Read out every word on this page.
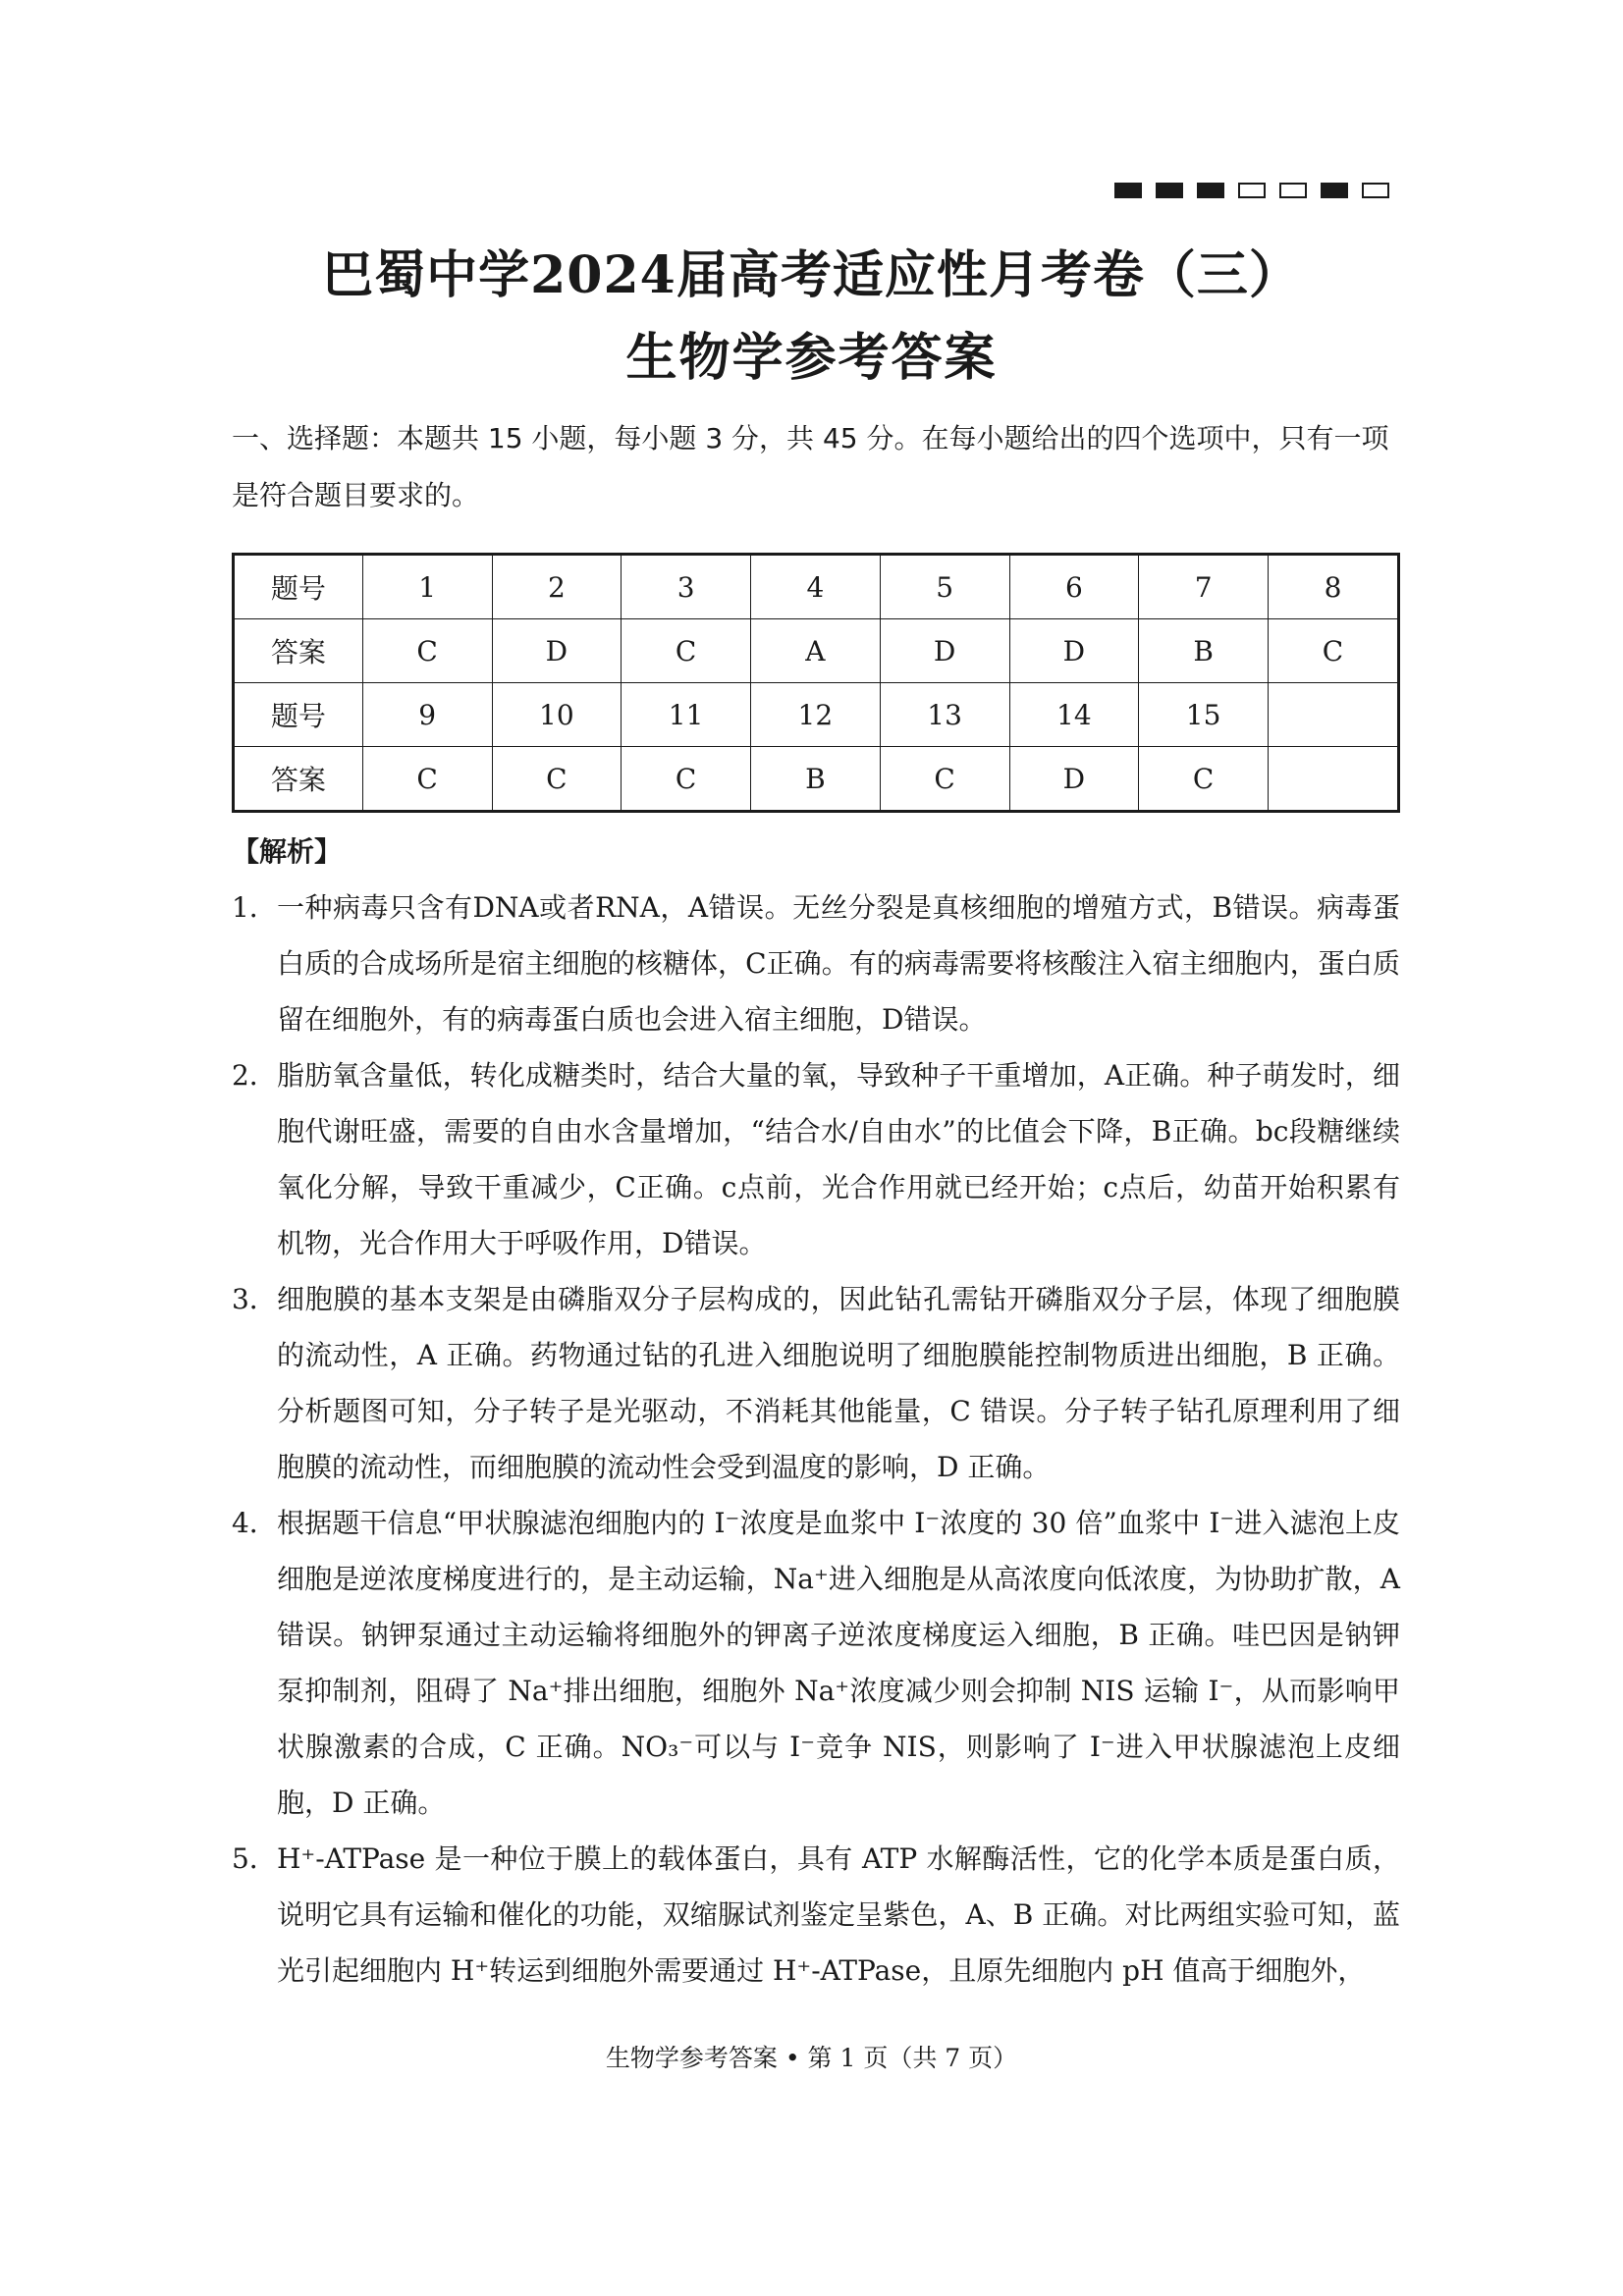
巴蜀中学2024届高考适应性月考卷（三）
生物学参考答案
一、选择题：本题共 15 小题，每小题 3 分，共 45 分。在每小题给出的四个选项中，只有一项是符合题目要求的。
题号	1	2	3	4	5	6	7	8
答案	C	D	C	A	D	D	B	C
题号	9	10	11	12	13	14	15	
答案	C	C	C	B	C	D	C	
【解析】
1． 一种病毒只含有DNA或者RNA，A错误。无丝分裂是真核细胞的增殖方式，B错误。病毒蛋白质的合成场所是宿主细胞的核糖体，C正确。有的病毒需要将核酸注入宿主细胞内，蛋白质留在细胞外，有的病毒蛋白质也会进入宿主细胞，D错误。
2． 脂肪氧含量低，转化成糖类时，结合大量的氧，导致种子干重增加，A正确。种子萌发时，细胞代谢旺盛，需要的自由水含量增加，“结合水/自由水”的比值会下降，B正确。bc段糖继续氧化分解，导致干重减少，C正确。c点前，光合作用就已经开始；c点后，幼苗开始积累有机物，光合作用大于呼吸作用，D错误。
3． 细胞膜的基本支架是由磷脂双分子层构成的，因此钻孔需钻开磷脂双分子层，体现了细胞膜的流动性，A 正确。药物通过钻的孔进入细胞说明了细胞膜能控制物质进出细胞，B 正确。分析题图可知，分子转子是光驱动，不消耗其他能量，C 错误。分子转子钻孔原理利用了细胞膜的流动性，而细胞膜的流动性会受到温度的影响，D 正确。
4． 根据题干信息“甲状腺滤泡细胞内的 I⁻浓度是血浆中 I⁻浓度的 30 倍”血浆中 I⁻进入滤泡上皮细胞是逆浓度梯度进行的，是主动运输，Na⁺进入细胞是从高浓度向低浓度，为协助扩散，A 错误。钠钾泵通过主动运输将细胞外的钾离子逆浓度梯度运入细胞，B 正确。哇巴因是钠钾泵抑制剂，阻碍了 Na⁺排出细胞，细胞外 Na⁺浓度减少则会抑制 NIS 运输 I⁻，从而影响甲状腺激素的合成，C 正确。NO₃⁻可以与 I⁻竞争 NIS，则影响了 I⁻进入甲状腺滤泡上皮细胞，D 正确。
5． H⁺-ATPase 是一种位于膜上的载体蛋白，具有 ATP 水解酶活性，它的化学本质是蛋白质，说明它具有运输和催化的功能，双缩脲试剂鉴定呈紫色，A、B 正确。对比两组实验可知，蓝光引起细胞内 H⁺转运到细胞外需要通过 H⁺-ATPase，且原先细胞内 pH 值高于细胞外，
生物学参考答案 • 第 1 页（共 7 页）
